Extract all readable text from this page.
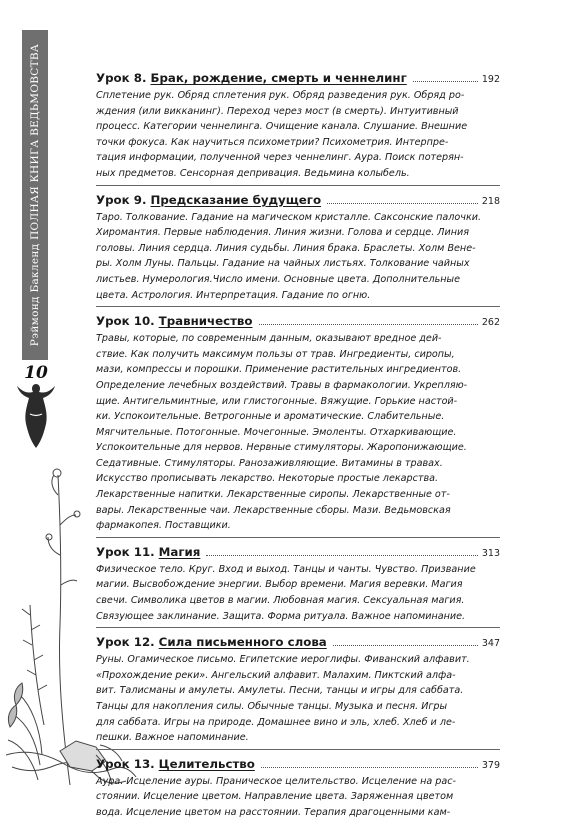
Рэймонд Бакленд ПОЛНАЯ КНИГА ВЕДЬМОВСТВА
10
Урок 8. Брак, рождение, смерть и ченнелинг	192
Сплетение рук. Обряд сплетения рук. Обряд разведения рук. Обряд ро-
ждения (или викканинг). Переход через мост (в смерть). Интуитивный
процесс. Категории ченнелинга. Очищение канала. Слушание. Внешние
точки фокуса. Как научиться психометрии? Психометрия. Интерпре-
тация информации, полученной через ченнелинг. Аура. Поиск потерян-
ных предметов. Сенсорная депривация. Ведьмина колыбель.
Урок 9. Предсказание будущего	218
Таро. Толкование. Гадание на магическом кристалле. Саксонские палочки.
Хиромантия. Первые наблюдения. Линия жизни. Голова и сердце. Линия
головы. Линия сердца. Линия судьбы. Линия брака. Браслеты. Холм Вене-
ры. Холм Луны. Пальцы. Гадание на чайных листьях. Толкование чайных
листьев. Нумерология.Число имени. Основные цвета. Дополнительные
цвета. Астрология. Интерпретация. Гадание по огню.
Урок 10. Травничество	262
Травы, которые, по современным данным, оказывают вредное дей-
ствие. Как получить максимум пользы от трав. Ингредиенты, сиропы,
мази, компрессы и порошки. Применение растительных ингредиентов.
Определение лечебных воздействий. Травы в фармакологии. Укрепляю-
щие. Антигельминтные, или глистогонные. Вяжущие. Горькие настой-
ки. Успокоительные. Ветрогонные и ароматические. Слабительные.
Мягчительные. Потогонные. Мочегонные. Эмоленты. Отхаркивающие.
Успокоительные для нервов. Нервные стимуляторы. Жаропонижающие.
Седативные. Стимуляторы. Ранозаживляющие. Витамины в травах.
Искусство прописывать лекарство. Некоторые простые лекарства.
Лекарственные напитки. Лекарственные сиропы. Лекарственные от-
вары. Лекарственные чаи. Лекарственные сборы. Мази. Ведьмовская
фармакопея. Поставщики.
Урок 11. Магия	313
Физическое тело. Круг. Вход и выход. Танцы и чанты. Чувство. Призвание
магии. Высвобождение энергии. Выбор времени. Магия веревки. Магия
свечи. Символика цветов в магии. Любовная магия. Сексуальная магия.
Связующее заклинание. Защита. Форма ритуала. Важное напоминание.
Урок 12. Сила письменного слова	347
Руны. Огамическое письмо. Египетские иероглифы. Фиванский алфавит.
«Прохождение реки». Ангельский алфавит. Малахим. Пиктский алфа-
вит. Талисманы и амулеты. Амулеты. Песни, танцы и игры для саббата.
Танцы для накопления силы. Обычные танцы. Музыка и песня. Игры
для саббата. Игры на природе. Домашнее вино и эль, хлеб. Хлеб и ле-
пешки. Важное напоминание.
Урок 13. Целительство	379
Аура. Исцеление ауры. Праническое целительство. Исцеление на рас-
стоянии. Исцеление цветом. Направление цвета. Заряженная цветом
вода. Исцеление цветом на расстоянии. Терапия драгоценными кам-
